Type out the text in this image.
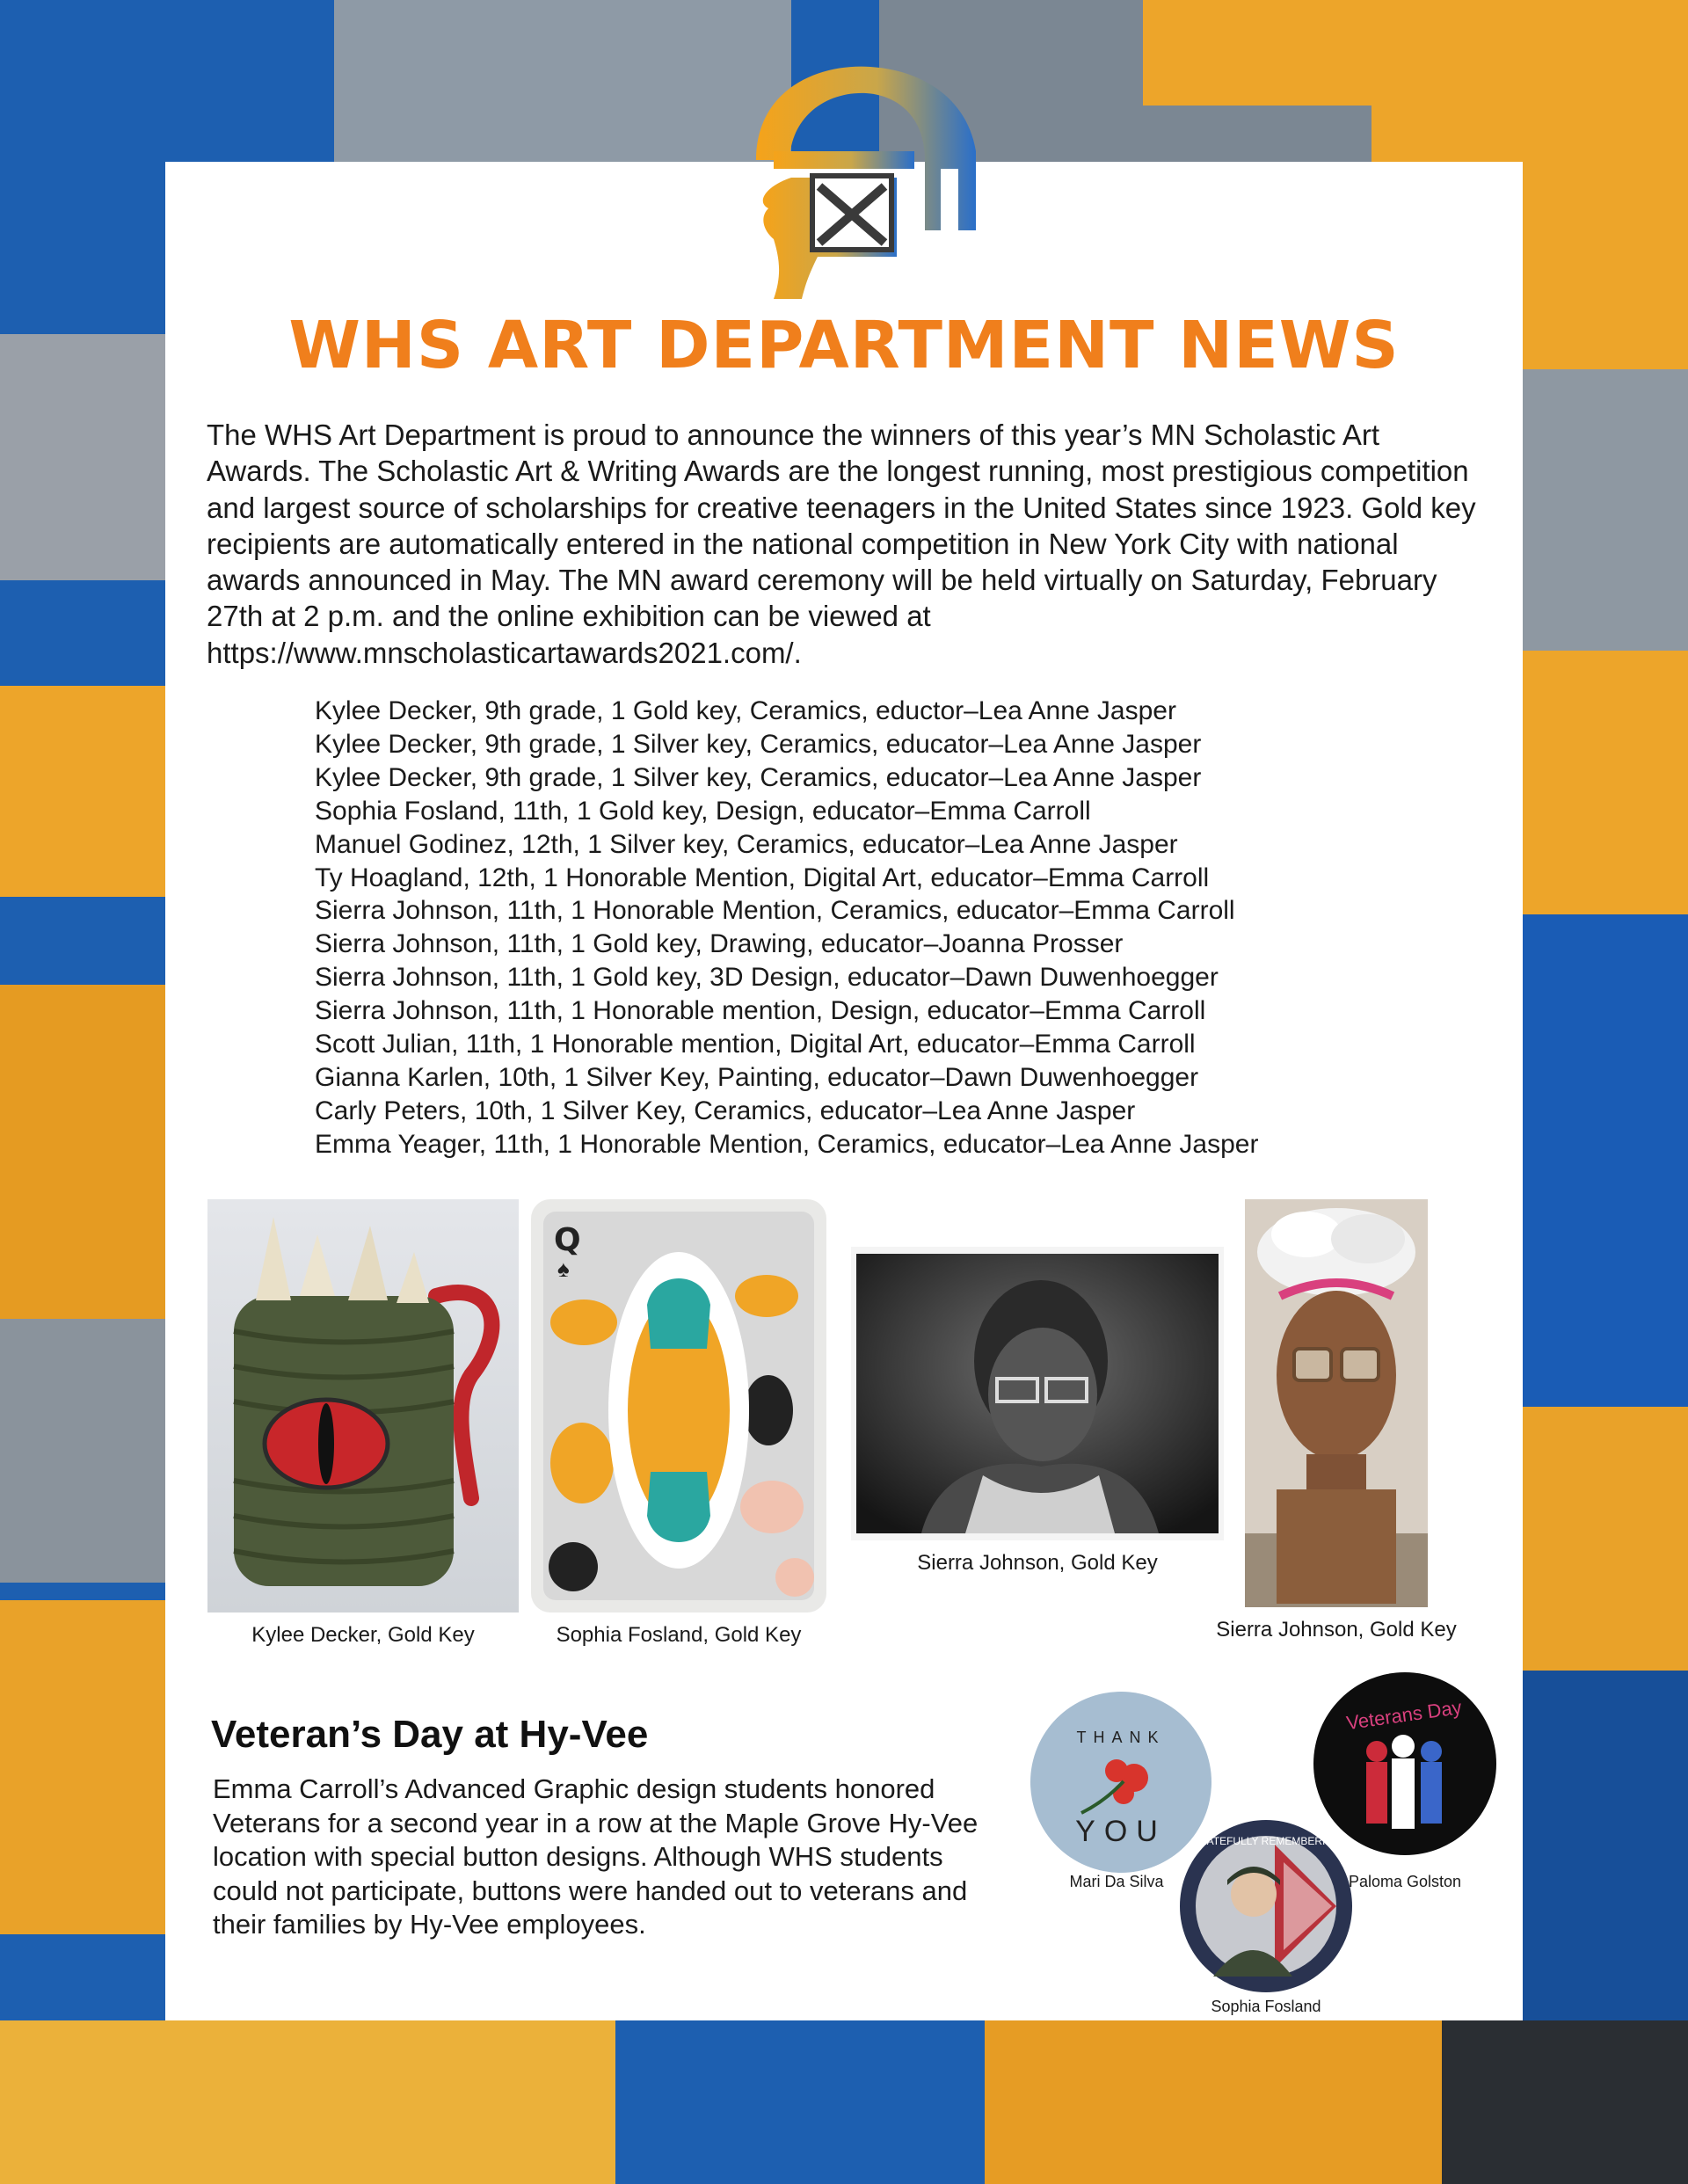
WHS ART DEPARTMENT NEWS

The WHS Art Department is proud to announce the winners of this year’s MN Scholastic Art Awards. The Scholastic Art & Writing Awards are the longest running, most prestigious competition and largest source of scholarships for creative teenagers in the United States since 1923. Gold key recipients are automatically entered in the national competition in New York City with national awards announced in May. The MN award ceremony will be held virtually on Saturday, February 27th at 2 p.m. and the online exhibition can be viewed at https://www.mnscholasticartawards2021.com/.

Kylee Decker, 9th grade, 1 Gold key, Ceramics, eductor–Lea Anne Jasper
Kylee Decker, 9th grade, 1 Silver key, Ceramics, educator–Lea Anne Jasper
Kylee Decker, 9th grade, 1 Silver key, Ceramics, educator–Lea Anne Jasper
Sophia Fosland, 11th, 1 Gold key, Design, educator–Emma Carroll
Manuel Godinez, 12th, 1 Silver key, Ceramics, educator–Lea Anne Jasper
Ty Hoagland, 12th, 1 Honorable Mention, Digital Art, educator–Emma Carroll
Sierra Johnson, 11th, 1 Honorable Mention, Ceramics, educator–Emma Carroll
Sierra Johnson, 11th, 1 Gold key, Drawing, educator–Joanna Prosser
Sierra Johnson, 11th, 1 Gold key, 3D Design, educator–Dawn Duwenhoegger
Sierra Johnson, 11th, 1 Honorable mention, Design, educator–Emma Carroll
Scott Julian, 11th, 1 Honorable mention, Digital Art, educator–Emma Carroll
Gianna Karlen, 10th, 1 Silver Key, Painting, educator–Dawn Duwenhoegger
Carly Peters, 10th, 1 Silver Key, Ceramics, educator–Lea Anne Jasper
Emma Yeager, 11th, 1 Honorable Mention, Ceramics, educator–Lea Anne Jasper
Kylee Decker, Gold Key
Q
♠
Sophia Fosland, Gold Key
Sierra Johnson, Gold Key
Sierra Johnson, Gold Key
Veteran’s Day at Hy-Vee

Emma Carroll’s Advanced Graphic design students honored Veterans for a second year in a row at the Maple Grove Hy-Vee location with special button designs. Although WHS students could not participate, buttons were handed out to veterans and their families by Hy-Vee employees.

THANK
YOU
Mari Da Silva
Veterans Day
Paloma Golston
GRATEFULLY REMEMBERING
Sophia Fosland
